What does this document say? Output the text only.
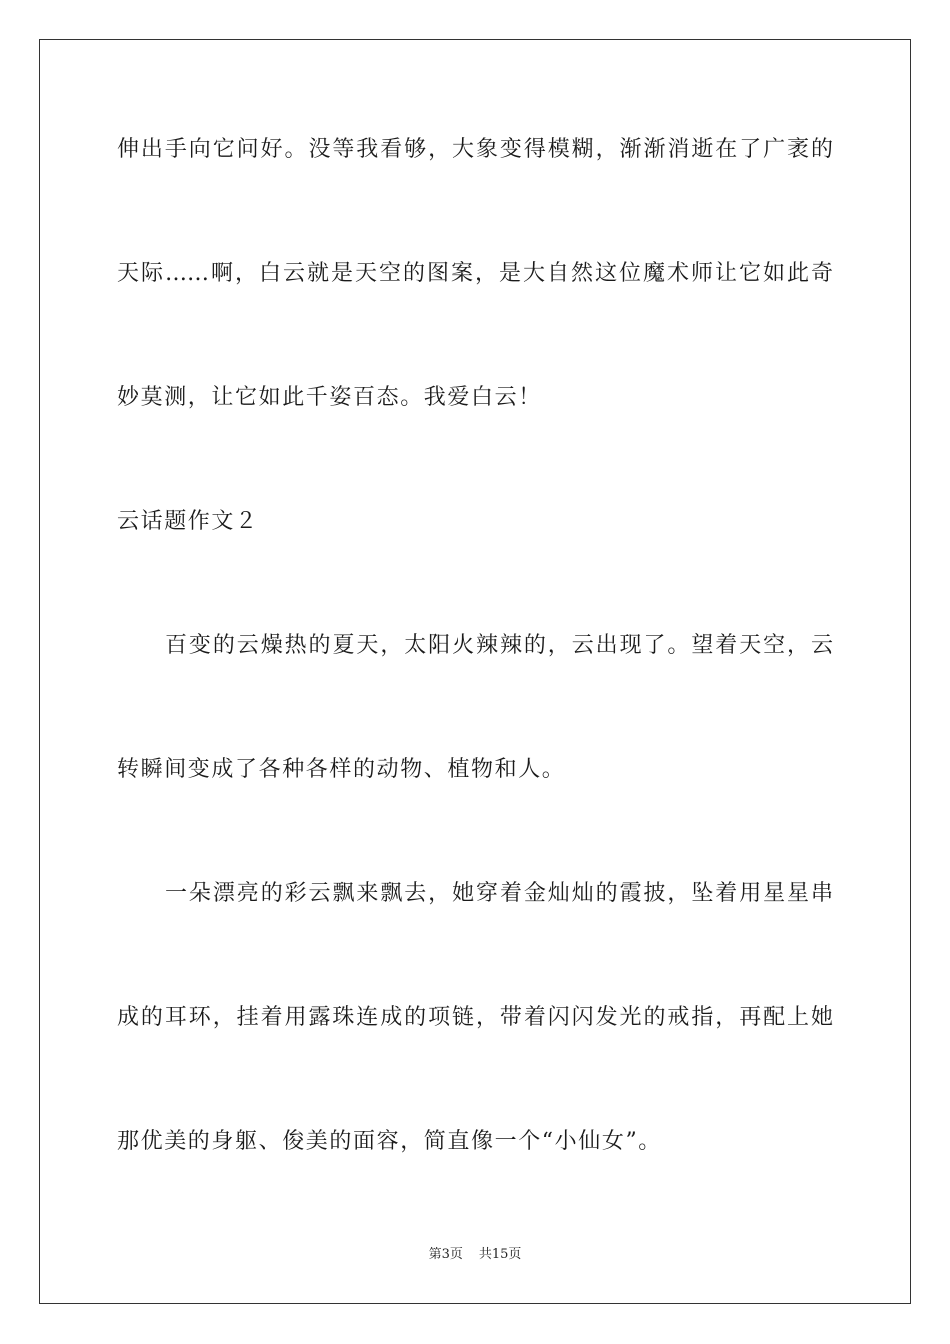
伸出手向它问好。没等我看够，大象变得模糊，渐渐消逝在了广袤的
天际……啊，白云就是天空的图案，是大自然这位魔术师让它如此奇
妙莫测，让它如此千姿百态。我爱白云！
云话题作文２
百变的云燥热的夏天，太阳火辣辣的，云出现了。望着天空，云
转瞬间变成了各种各样的动物、植物和人。
一朵漂亮的彩云飘来飘去，她穿着金灿灿的霞披，坠着用星星串
成的耳环，挂着用露珠连成的项链，带着闪闪发光的戒指，再配上她
那优美的身躯、俊美的面容，简直像一个“小仙女”。
第3页 共15页
